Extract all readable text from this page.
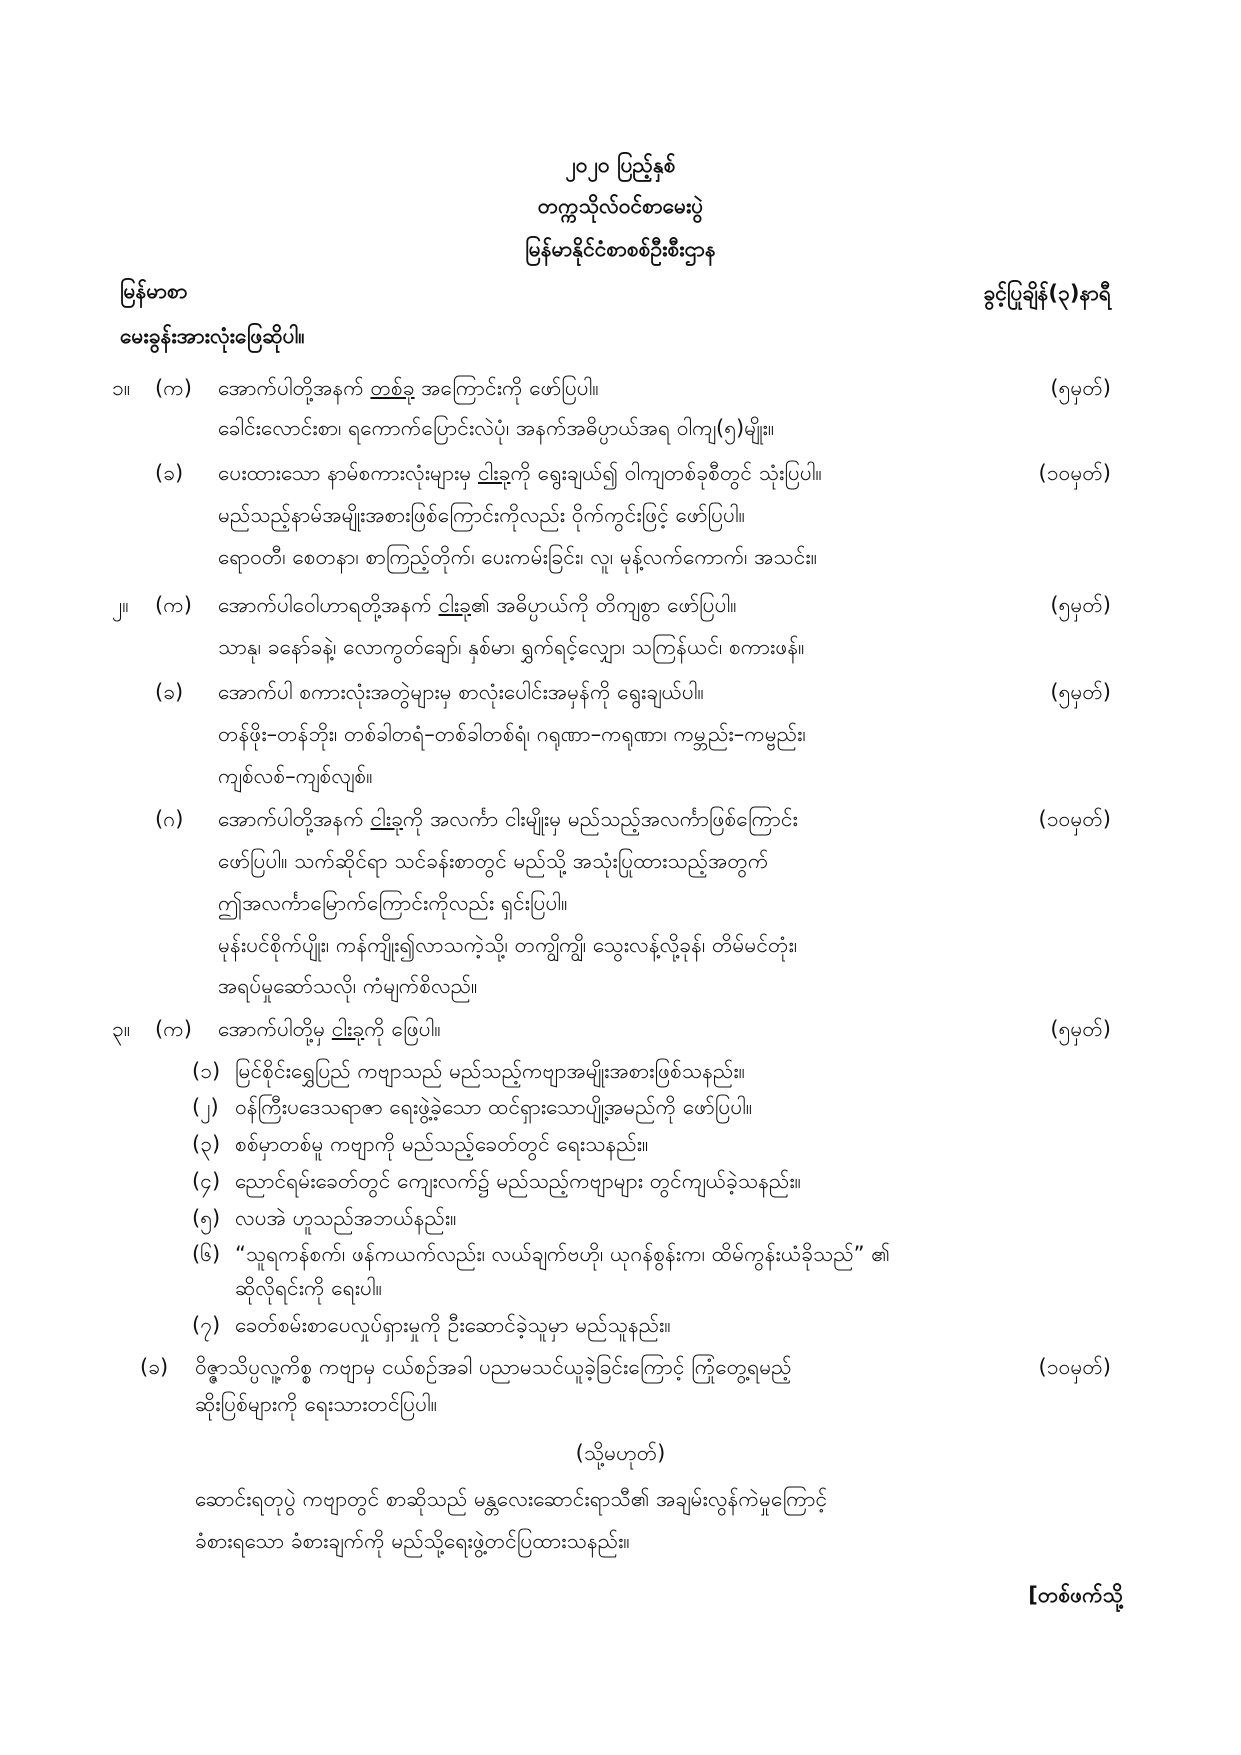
၂၀၂၀ ပြည့်နှစ်
တက္ကသိုလ်ဝင်စာမေးပွဲ
မြန်မာနိုင်ငံစာစစ်ဦးစီးဌာန
မြန်မာစာ	ခွင့်ပြုချိန်(၃)နာရီ
မေးခွန်းအားလုံးဖြေဆိုပါ။
၁။ (က) အောက်ပါတို့အနက် တစ်ခု အကြောင်းကို ဖော်ပြပါ။	(၅မှတ်)
ခေါင်းလောင်းစာ၊ ရကောက်ပြောင်းလဲပုံ၊ အနက်အဓိပ္ပာယ်အရ ဝါကျ(၅)မျိုး။
(ခ) ပေးထားသော နာမ်စကားလုံးများမှ ငါးခုကို ရွေးချယ်၍ ဝါကျတစ်ခုစီတွင် သုံးပြပါ။	(၁၀မှတ်)
မည်သည့်နာမ်အမျိုးအစားဖြစ်ကြောင်းကိုလည်း ဝိုက်ကွင်းဖြင့် ဖော်ပြပါ။
ရောဝတီ၊ စေတနာ၊ စာကြည့်တိုက်၊ ပေးကမ်းခြင်း၊ လူ၊ မုန့်လက်ကောက်၊ အသင်း။
၂။ (က) အောက်ပါဝေါဟာရတို့အနက် ငါးခု၏ အဓိပ္ပာယ်ကို တိကျစွာ ဖော်ပြပါ။	(၅မှတ်)
သာနု၊ ခနော်ခနဲ့၊ လောကွတ်ချော်၊ နှစ်မာ၊ ရွှက်ရင့်လျှော၊ သကြန်ယင်၊ စကားဖန်။
(ခ) အောက်ပါ စကားလုံးအတွဲများမှ စာလုံးပေါင်းအမှန်ကို ရွေးချယ်ပါ။	(၅မှတ်)
တန်ဖိုး–တန်ဘိုး၊ တစ်ခါတရံ–တစ်ခါတစ်ရံ၊ ဂရုဏာ–ကရုဏာ၊ ကမ္ဘည်း–ကမ္ဗည်း၊
ကျစ်လစ်–ကျစ်လျစ်။
(ဂ) အောက်ပါတို့အနက် ငါးခုကို အလင်္ကာ ငါးမျိုးမှ မည်သည့်အလင်္ကာဖြစ်ကြောင်း	(၁၀မှတ်)
ဖော်ပြပါ။ သက်ဆိုင်ရာ သင်ခန်းစာတွင် မည်သို့ အသုံးပြုထားသည့်အတွက်
ဤအလင်္ကာမြောက်ကြောင်းကိုလည်း ရှင်းပြပါ။
မုန်းပင်စိုက်ပျိုး၊ ကန်ကျိုး၍လာသကဲ့သို့၊ တကျွိကျွိ၊ သွေးလန့်လို့ခုန်၊ တိမ်မင်တုံး၊
အရပ်မှုဆော်သလို၊ ကံမျက်စိလည်။
၃။ (က) အောက်ပါတို့မှ ငါးခုကို ဖြေပါ။	(၅မှတ်)
(၁) မြင်စိုင်းရွှေပြည် ကဗျာသည် မည်သည့်ကဗျာအမျိုးအစားဖြစ်သနည်း။
(၂) ဝန်ကြီးပဒေသရာဇာ ရေးဖွဲ့ခဲ့သော ထင်ရှားသောပျို့အမည်ကို ဖော်ပြပါ။
(၃) စစ်မှာတစ်မူ ကဗျာကို မည်သည့်ခေတ်တွင် ရေးသနည်း။
(၄) ညောင်ရမ်းခေတ်တွင် ကျေးလက်၌ မည်သည့်ကဗျာများ တွင်ကျယ်ခဲ့သနည်း။
(၅) လပအဲ ဟူသည်အဘယ်နည်း။
(၆) “သူရကန်စက်၊ ဖန်ကယက်လည်း၊ လယ်ချက်ဗဟို၊ ယုဂန်စွန်းက၊ ထိမ်ကွန်းယံခိုသည်” ၏
ဆိုလိုရင်းကို ရေးပါ။
(၇) ခေတ်စမ်းစာပေလှုပ်ရှားမှုကို ဦးဆောင်ခဲ့သူမှာ မည်သူနည်း။
(ခ) ဝိဇ္ဇာသိပ္ပလူ့ကိစ္စ ကဗျာမှ ငယ်စဉ်အခါ ပညာမသင်ယူခဲ့ခြင်းကြောင့် ကြုံတွေ့ရမည့်	(၁၀မှတ်)
ဆိုးပြစ်များကို ရေးသားတင်ပြပါ။
(သို့မဟုတ်)
ဆောင်းရတုပွဲ ကဗျာတွင် စာဆိုသည် မန္တလေးဆောင်းရာသီ၏ အချမ်းလွန်ကဲမှုကြောင့်
ခံစားရသော ခံစားချက်ကို မည်သို့ရေးဖွဲ့တင်ပြထားသနည်း။
[တစ်ဖက်သို့
